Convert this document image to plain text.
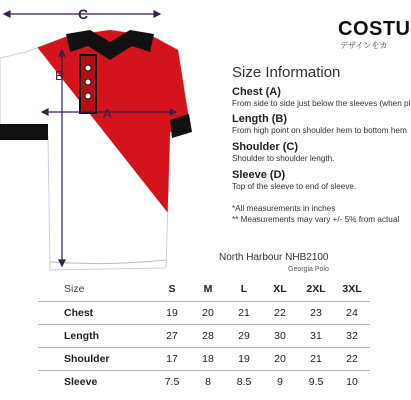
C
A
B
COSTU
デザインをカ
Size Information
Chest (A)
From side to side just below the sleeves (when pl
Length (B)
From high point on shoulder hem to bottom hem
Shoulder (C)
Shoulder to shoulder length.
Sleeve (D)
Top of the sleeve to end of sleeve.
*All measurements in inches
** Measurements may vary +/- 5% from actual
North Harbour NHB2100
Georgia Polo
Size	S	M	L	XL	2XL	3XL
Chest	19	20	21	22	23	24
Length	27	28	29	30	31	32
Shoulder	17	18	19	20	21	22
Sleeve	7.5	8	8.5	9	9.5	10
